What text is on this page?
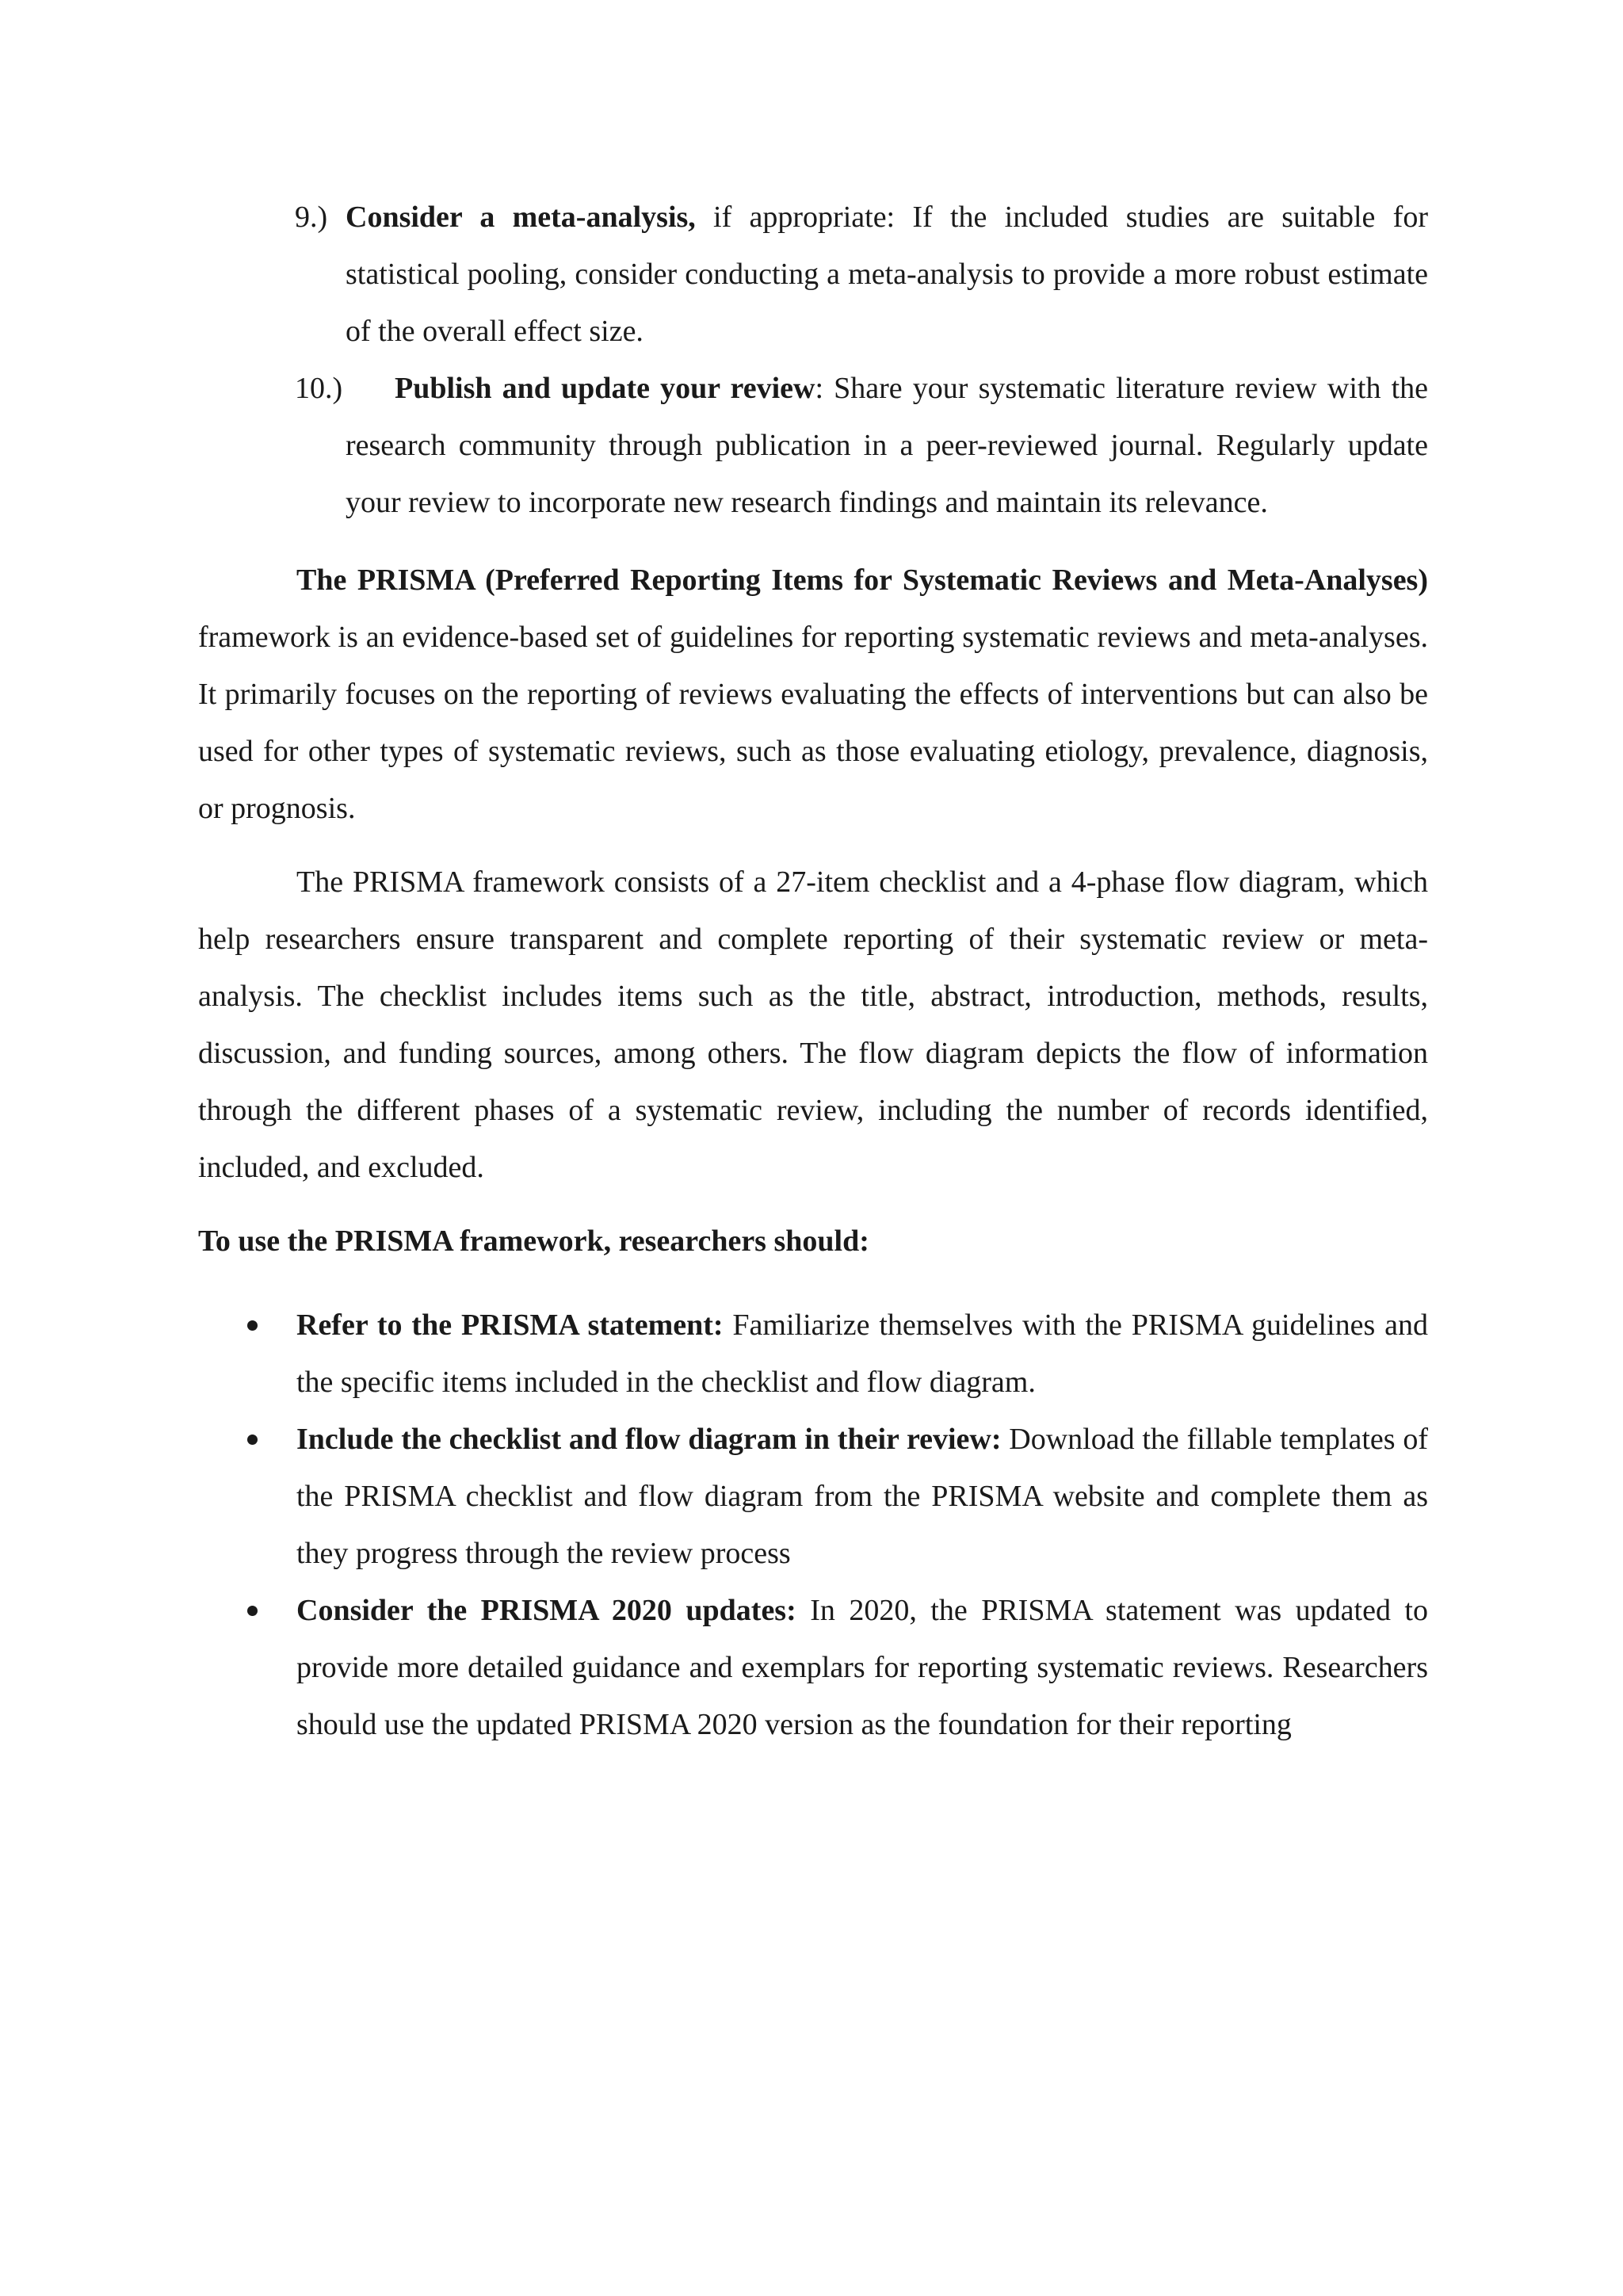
9.) Consider a meta-analysis, if appropriate: If the included studies are suitable for statistical pooling, consider conducting a meta-analysis to provide a more robust estimate of the overall effect size.

10.) Publish and update your review: Share your systematic literature review with the research community through publication in a peer-reviewed journal. Regularly update your review to incorporate new research findings and maintain its relevance.

The PRISMA (Preferred Reporting Items for Systematic Reviews and Meta-Analyses) framework is an evidence-based set of guidelines for reporting systematic reviews and meta-analyses. It primarily focuses on the reporting of reviews evaluating the effects of interventions but can also be used for other types of systematic reviews, such as those evaluating etiology, prevalence, diagnosis, or prognosis.

The PRISMA framework consists of a 27-item checklist and a 4-phase flow diagram, which help researchers ensure transparent and complete reporting of their systematic review or meta-analysis. The checklist includes items such as the title, abstract, introduction, methods, results, discussion, and funding sources, among others. The flow diagram depicts the flow of information through the different phases of a systematic review, including the number of records identified, included, and excluded.

To use the PRISMA framework, researchers should:

Refer to the PRISMA statement: Familiarize themselves with the PRISMA guidelines and the specific items included in the checklist and flow diagram.
Include the checklist and flow diagram in their review: Download the fillable templates of the PRISMA checklist and flow diagram from the PRISMA website and complete them as they progress through the review process
Consider the PRISMA 2020 updates: In 2020, the PRISMA statement was updated to provide more detailed guidance and exemplars for reporting systematic reviews. Researchers should use the updated PRISMA 2020 version as the foundation for their reporting
